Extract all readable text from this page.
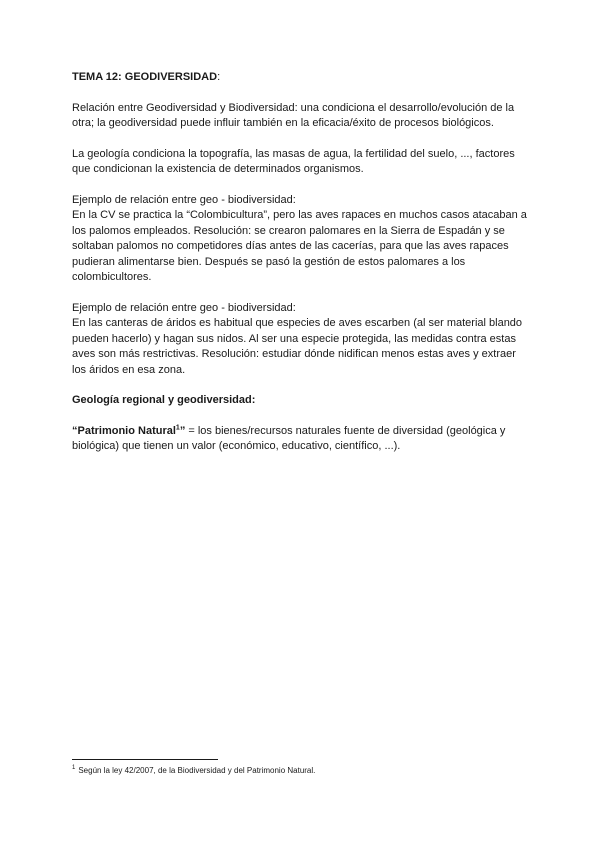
TEMA 12: GEODIVERSIDAD:

Relación entre Geodiversidad y Biodiversidad: una condiciona el desarrollo/evolución de la otra; la geodiversidad puede influir también en la eficacia/éxito de procesos biológicos.

La geología condiciona la topografía, las masas de agua, la fertilidad del suelo, ..., factores que condicionan la existencia de determinados organismos.

Ejemplo de relación entre geo - biodiversidad:

En la CV se practica la “Colombicultura”, pero las aves rapaces en muchos casos atacaban a los palomos empleados. Resolución: se crearon palomares en la Sierra de Espadán y se soltaban palomos no competidores días antes de las cacerías, para que las aves rapaces pudieran alimentarse bien. Después se pasó la gestión de estos palomares a los colombicultores.

Ejemplo de relación entre geo - biodiversidad:

En las canteras de áridos es habitual que especies de aves escarben (al ser material blando pueden hacerlo) y hagan sus nidos. Al ser una especie protegida, las medidas contra estas aves son más restrictivas. Resolución: estudiar dónde nidifican menos estas aves y extraer los áridos en esa zona.

Geología regional y geodiversidad:

“Patrimonio Natural$^1$” = los bienes/recursos naturales fuente de diversidad (geológica y biológica) que tienen un valor (económico, educativo, científico, ...).

$^1$ Según la ley 42/2007, de la Biodiversidad y del Patrimonio Natural.
